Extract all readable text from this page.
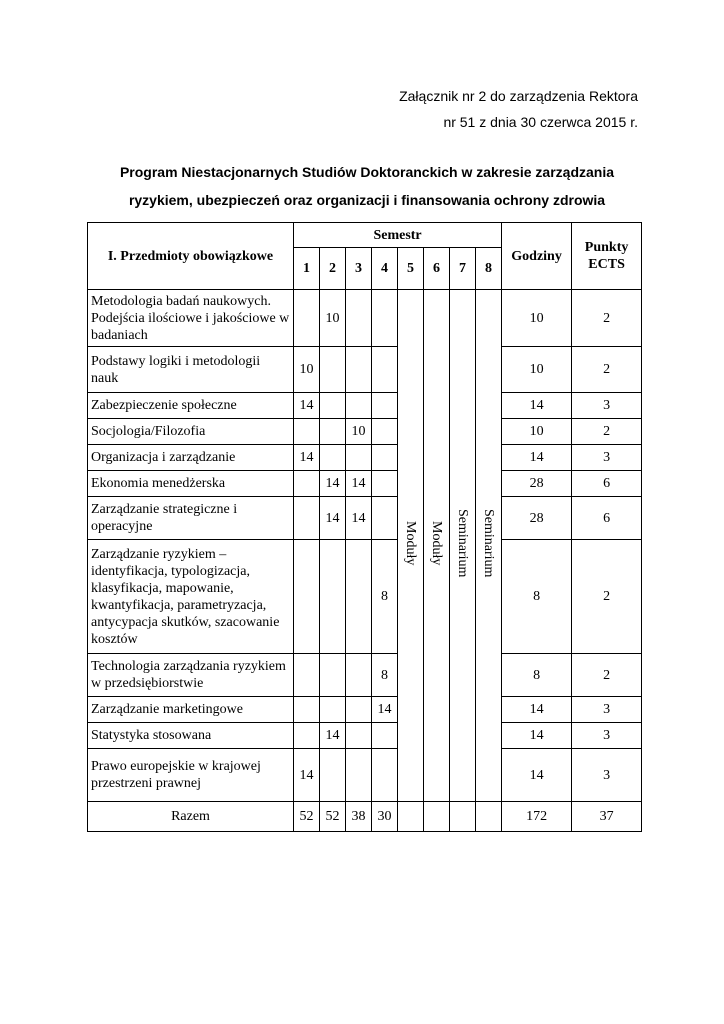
Załącznik nr 2 do zarządzenia Rektora
nr 51 z dnia 30 czerwca 2015 r.
Program Niestacjonarnych Studiów Doktoranckich w zakresie zarządzania
ryzykiem, ubezpieczeń oraz organizacji i finansowania ochrony zdrowia
I. Przedmioty obowiązkowe	Semestr								Godziny	Punkty ECTS
	1	2	3	4	5	6	7	8		
Metodologia badań naukowych. Podejścia ilościowe i jakościowe w badaniach		10			Moduły	Moduły	Seminarium	Seminarium	10	2
Podstawy logiki i metodologii nauk	10								10	2
Zabezpieczenie społeczne	14								14	3
Socjologia/Filozofia			10						10	2
Organizacja i zarządzanie	14								14	3
Ekonomia menedżerska		14	14						28	6
Zarządzanie strategiczne i operacyjne		14	14						28	6
Zarządzanie ryzykiem – identyfikacja, typologizacja, klasyfikacja, mapowanie, kwantyfikacja, parametryzacja, antycypacja skutków, szacowanie kosztów				8					8	2
Technologia zarządzania ryzykiem w przedsiębiorstwie				8					8	2
Zarządzanie marketingowe				14					14	3
Statystyka stosowana		14							14	3
Prawo europejskie w krajowej przestrzeni prawnej	14								14	3
Razem	52	52	38	30					172	37
